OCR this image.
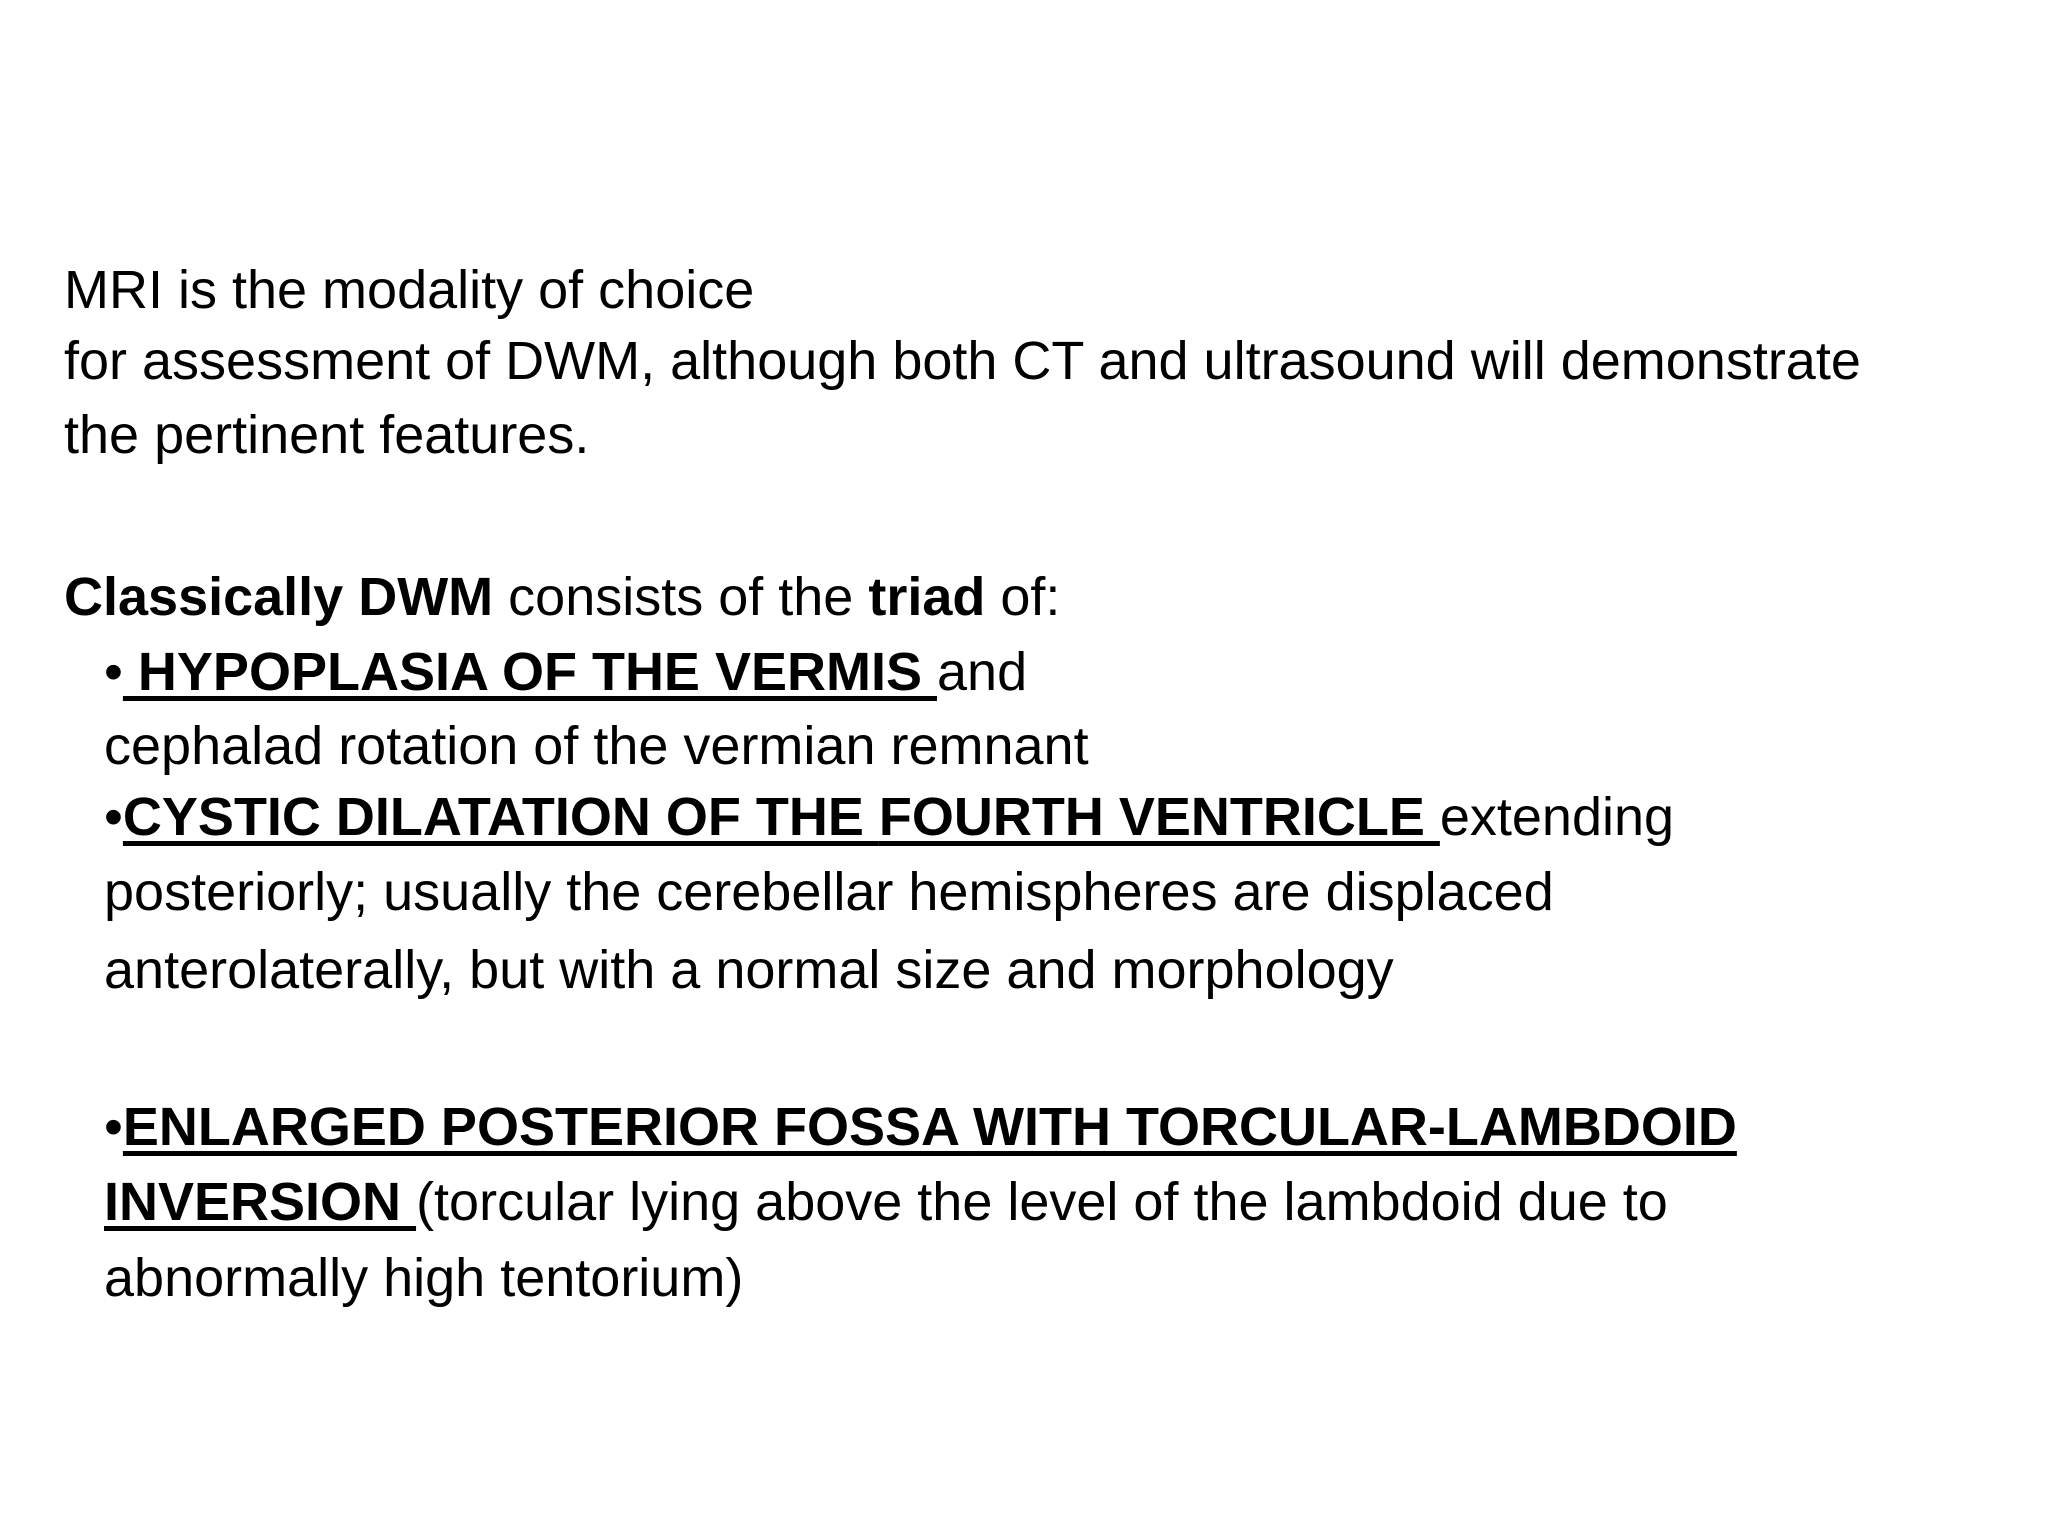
MRI is the modality of choice
for assessment of DWM, although both CT and ultrasound will demonstrate
the pertinent features.
Classically DWM consists of the triad of:
• HYPOPLASIA OF THE VERMIS and
cephalad rotation of the vermian remnant
•CYSTIC DILATATION OF THE FOURTH VENTRICLE extending
posteriorly; usually the cerebellar hemispheres are displaced
anterolaterally, but with a normal size and morphology
•ENLARGED POSTERIOR FOSSA WITH TORCULAR-LAMBDOID
INVERSION (torcular lying above the level of the lambdoid due to
abnormally high tentorium)
